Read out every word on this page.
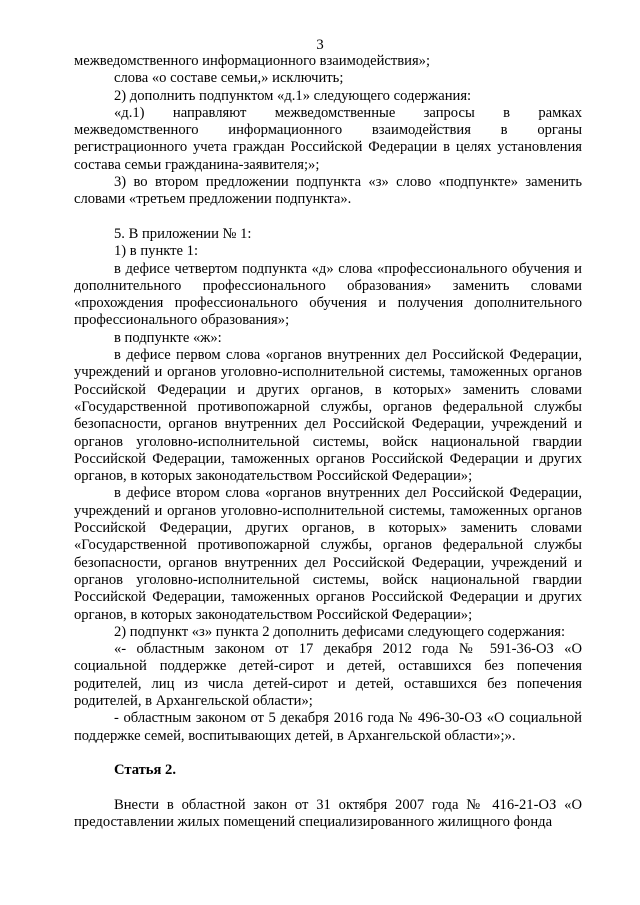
3

межведомственного информационного взаимодействия»;

слова «о составе семьи,» исключить;

2) дополнить подпунктом «д.1» следующего содержания:

«д.1) направляют межведомственные запросы в рамках межведомственного информационного взаимодействия в органы регистрационного учета граждан Российской Федерации в целях установления состава семьи гражданина-заявителя;»;

3) во втором предложении подпункта «з» слово «подпункте» заменить словами «третьем предложении подпункта».

5. В приложении № 1:

1) в пункте 1:

в дефисе четвертом подпункта «д» слова «профессионального обучения и дополнительного профессионального образования» заменить словами «прохождения профессионального обучения и получения дополнительного профессионального образования»;

в подпункте «ж»:

в дефисе первом слова «органов внутренних дел Российской Федерации, учреждений и органов уголовно-исполнительной системы, таможенных органов Российской Федерации и других органов, в которых» заменить словами «Государственной противопожарной службы, органов федеральной службы безопасности, органов внутренних дел Российской Федерации, учреждений и органов уголовно-исполнительной системы, войск национальной гвардии Российской Федерации, таможенных органов Российской Федерации и других органов, в которых законодательством Российской Федерации»;

в дефисе втором слова «органов внутренних дел Российской Федерации, учреждений и органов уголовно-исполнительной системы, таможенных органов Российской Федерации, других органов, в которых» заменить словами «Государственной противопожарной службы, органов федеральной службы безопасности, органов внутренних дел Российской Федерации, учреждений и органов уголовно-исполнительной системы, войск национальной гвардии Российской Федерации, таможенных органов Российской Федерации и других органов, в которых законодательством Российской Федерации»;

2) подпункт «з» пункта 2 дополнить дефисами следующего содержания:

«- областным законом от 17 декабря 2012 года № 591-36-ОЗ «О социальной поддержке детей-сирот и детей, оставшихся без попечения родителей, лиц из числа детей-сирот и детей, оставшихся без попечения родителей, в Архангельской области»;

- областным законом от 5 декабря 2016 года № 496-30-ОЗ «О социальной поддержке семей, воспитывающих детей, в Архангельской области»;».

Статья 2.

Внести в областной закон от 31 октября 2007 года № 416-21-ОЗ «О предоставлении жилых помещений специализированного жилищного фонда
